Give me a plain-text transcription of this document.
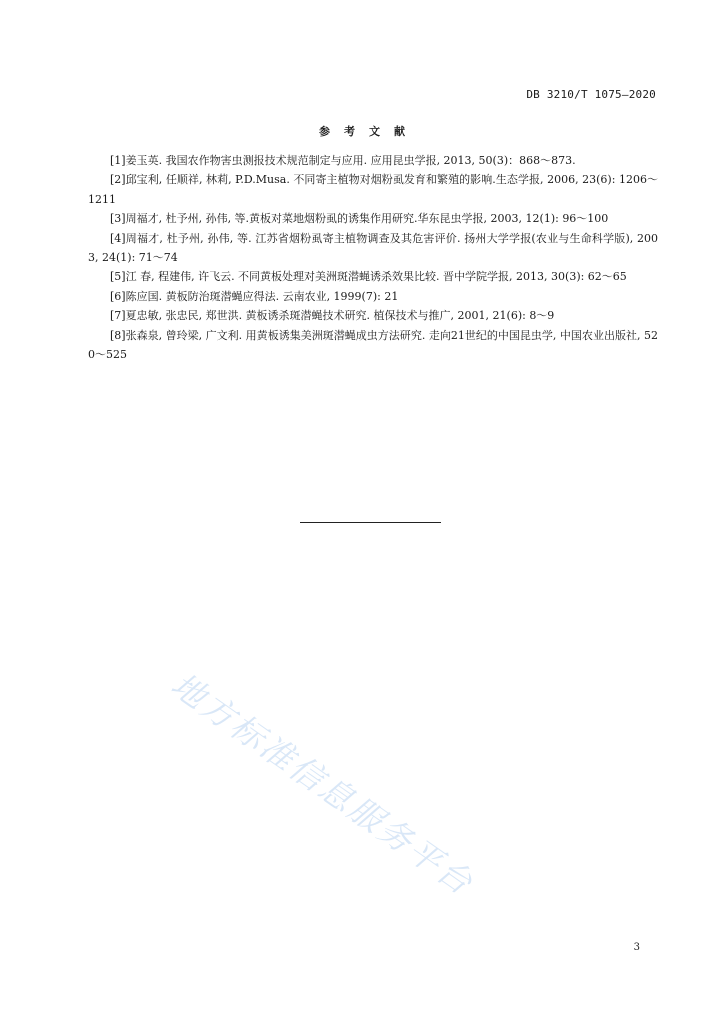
DB 3210/T 1075—2020
参考文献
[1]姜玉英. 我国农作物害虫测报技术规范制定与应用. 应用昆虫学报, 2013, 50(3)：868～873.
[2]邱宝利, 任顺祥, 林莉, P.D.Musa. 不同寄主植物对烟粉虱发育和繁殖的影响.生态学报, 2006, 23(6): 1206～1211
[3]周福才, 杜予州, 孙伟, 等.黄板对菜地烟粉虱的诱集作用研究.华东昆虫学报, 2003, 12(1): 96～100
[4]周福才, 杜予州, 孙伟, 等. 江苏省烟粉虱寄主植物调查及其危害评价. 扬州大学学报(农业与生命科学版), 2003, 24(1): 71～74
[5]江 春, 程建伟, 许飞云. 不同黄板处理对美洲斑潜蝇诱杀效果比较. 晋中学院学报, 2013, 30(3): 62～65
[6]陈应国. 黄板防治斑潜蝇应得法. 云南农业, 1999(7): 21
[7]夏忠敏, 张忠民, 郑世洪. 黄板诱杀斑潜蝇技术研究. 植保技术与推广, 2001, 21(6): 8～9
[8]张森泉, 曾玲梁, 广文利. 用黄板诱集美洲斑潜蝇成虫方法研究. 走向21世纪的中国昆虫学, 中国农业出版社, 520～525
地方标准信息服务平台
3
